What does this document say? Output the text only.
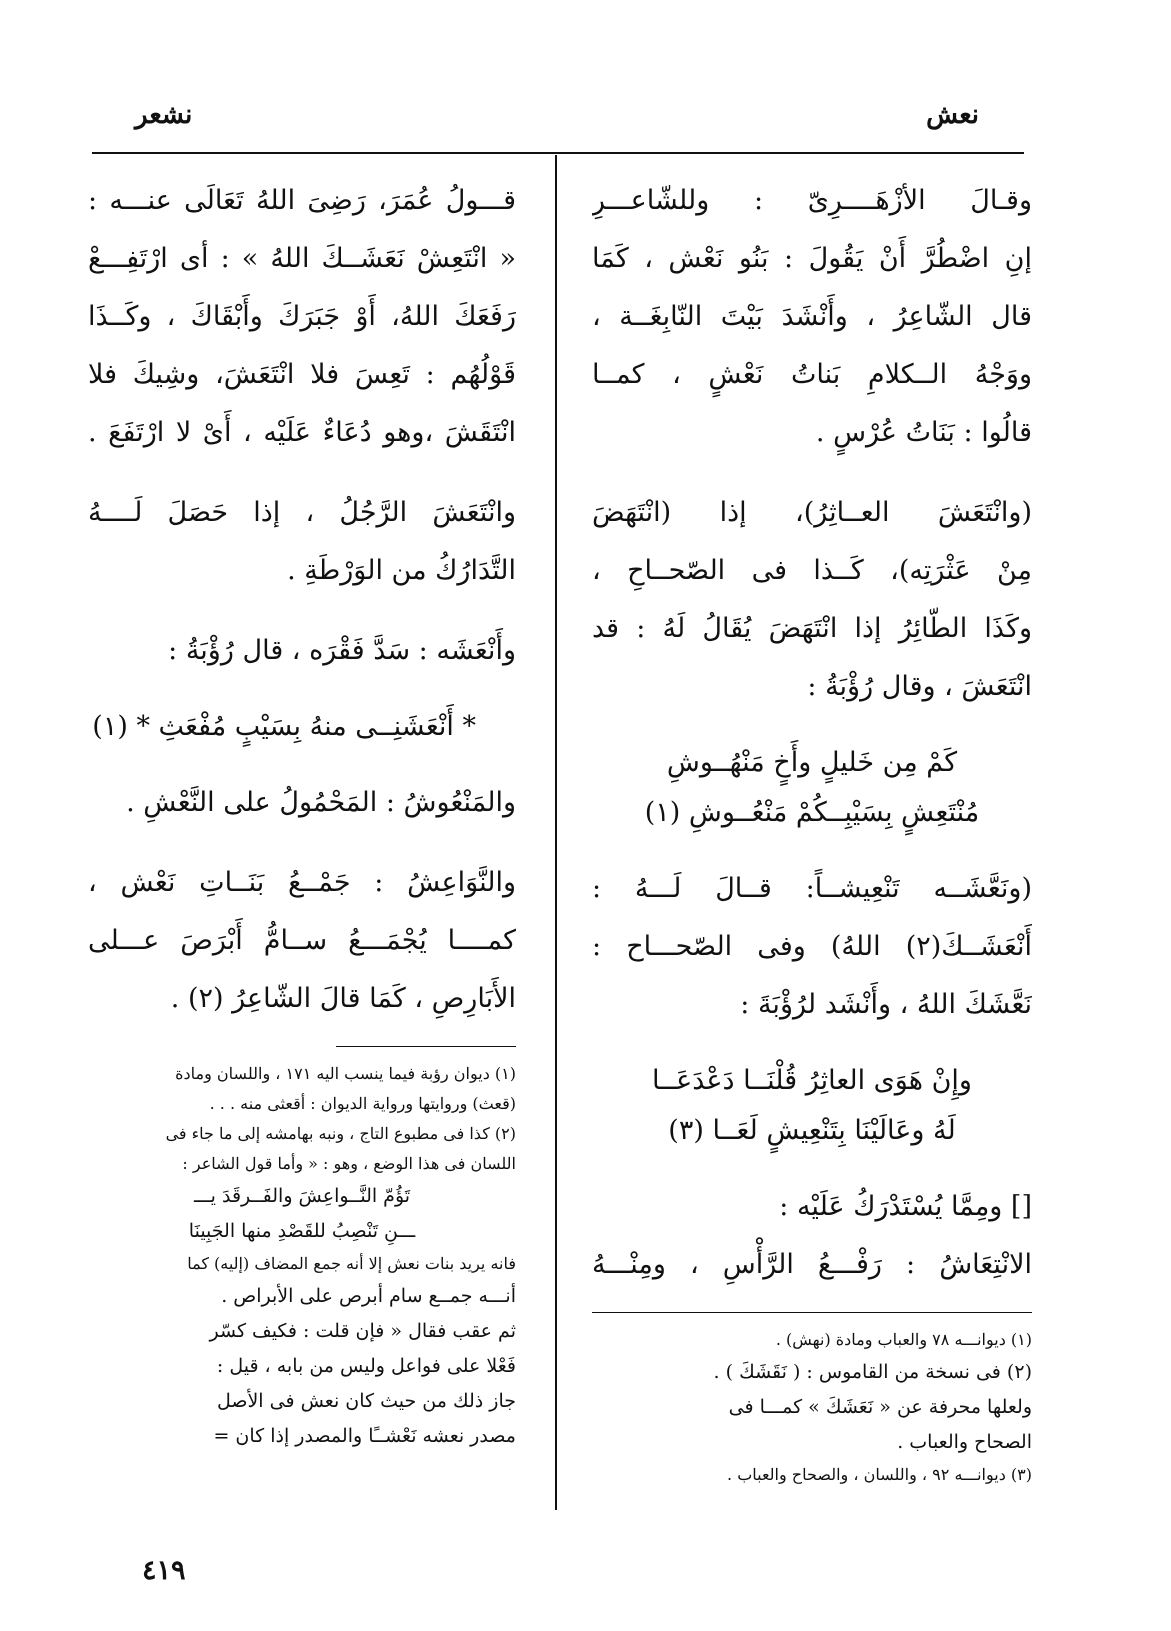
نعش
نشعر
وقـالَ الأزْهَــــرِىّ : وللشّاعـــرِ
إنِ اضْطُرَّ أَنْ يَقُولَ : بَنُو نَعْش ، كَمَا
قال الشّاعِرُ ، وأَنْشَدَ بَيْتَ النّابِغَــة ،
ووَجْهُ الــكلامِ بَناتُ نَعْشٍ ، كمــا
قالُوا : بَنَاتُ عُرْسٍ .
(وانْتَعَشَ العــاثِرُ)، إذا (انْتَهَضَ
مِنْ عَثْرَتِه)، كَــذا فى الصّحــاحِ ،
وكَذَا الطّائِرُ إذا انْتَهَضَ يُقَالُ لَهُ : قد
انْتَعَشَ ، وقال رُؤْبَةُ :
كَمْ مِن خَليلٍ وأَخٍ مَنْهُــوشِ
مُنْتَعِشٍ بِسَيْبِــكُمْ مَنْعُــوشِ (١)
(ونَعَّشَــه تَنْعِيشــاً: قــالَ لَـــهُ :
أَنْعَشَــكَ(٢) اللهُ) وفى الصّحـــاح :
نَعَّشَكَ اللهُ ، وأَنْشَد لرُؤْبَةَ :
وإِنْ هَوَى العاثِرُ قُلْنَــا دَعْدَعَــا
لَهُ وعَالَيْنَا بِتَنْعِيشٍ لَعَــا (٣)
[] ومِمَّا يُسْتَدْرَكُ عَلَيْه :
الانْتِعَاشُ : رَفْـــعُ الرَّأْسِ ، ومِنْـــهُ
(١) ديوانـــه ٧٨ والعباب ومادة (نهش) .
(٢) فى نسخة من القاموس : ( نَقَشَكَ ) .
ولعلها محرفة عن « نَعَشَكَ » كمـــا فى
الصحاح والعباب .
(٣) ديوانـــه ٩٢ ، واللسان ، والصحاح والعباب .
قـــولُ عُمَرَ، رَضِىَ اللهُ تَعَالَى عنـــه :
« انْتَعِشْ نَعَشَــكَ اللهُ » : أى ارْتَفِـــعْ
رَفَعَكَ اللهُ، أَوْ جَبَرَكَ وأَبْقَاكَ ، وكَــذَا
قَوْلُهُم : تَعِسَ فلا انْتَعَشَ، وشِيكَ فلا
انْتَقَشَ ،وهو دُعَاءٌ عَلَيْه ، أَىْ لا ارْتَفَعَ .
وانْتَعَشَ الرَّجُلُ ، إذا حَصَلَ لَــــهُ
التَّدَارُكُ من الوَرْطَةِ .
وأَنْعَشَه : سَدَّ فَقْرَه ، قال رُؤْبَةُ :
* أَنْعَشَنِــى منهُ بِسَيْبٍ مُفْعَثِ * (١)
والمَنْعُوشُ : المَحْمُولُ على النَّعْشِ .
والنَّوَاعِشُ : جَمْــعُ بَنَــاتِ نَعْش ،
كمــــا يُجْمَـــعُ ســامُّ أَبْرَصَ عـــلى
الأَبَارِصِ ، كَمَا قالَ الشّاعِرُ (٢) .
(١) ديوان رؤبة فيما ينسب اليه ١٧١ ، واللسان ومادة
(قعث) وروايتها ورواية الديوان : أقعثى منه . . .
(٢) كذا فى مطبوع التاج ، ونبه بهامشه إلى ما جاء فى
اللسان فى هذا الوضع ، وهو : « وأما قول الشاعر :
تَؤُمّ النَّــواعِشَ والفَــرقَدَ يـــ
ـــنِ تَنْصِبُ للقَصْدِ منها الجَبِينَا
فانه يريد بنات نعش إلا أنه جمع المضاف (إليه) كما
أنـــه جمــع سام أبرص على الأبراص .
ثم عقب فقال « فإن قلت : فكيف كسّر
فَعْلا على فواعل وليس من بابه ، قيل :
جاز ذلك من حيث كان نعش فى الأصل
مصدر نعشه نَعْشــًا والمصدر إذا كان =
٤١٩
